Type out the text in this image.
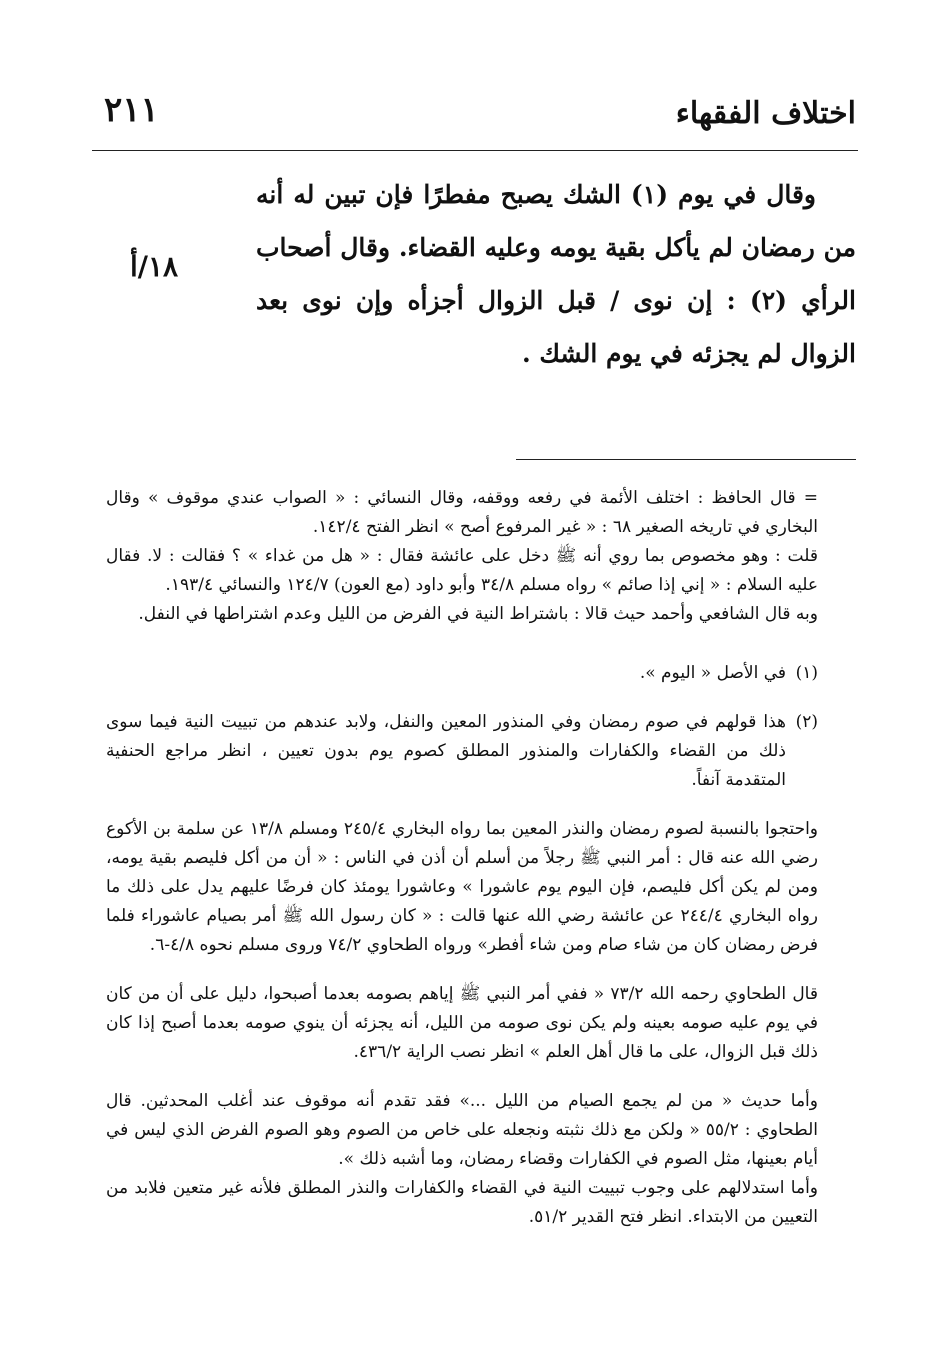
اختلاف الفقهاء
٢١١

وقال في يوم (١) الشك يصبح مفطرًا فإن تبين له أنه من رمضان لم يأكل بقية يومه وعليه القضاء. وقال أصحاب الرأي (٢) : إن نوى / قبل الزوال أجزأه وإن نوى بعد الزوال لم يجزئه في يوم الشك .

١٨/أ

= قال الحافظ : اختلف الأئمة في رفعه ووقفه، وقال النسائي : « الصواب عندي موقوف » وقال البخاري في تاريخه الصغير ٦٨ : « غير المرفوع أصح » انظر الفتح ١٤٢/٤.

قلت : وهو مخصوص بما روي أنه ﷺ دخل على عائشة فقال : « هل من غداء » ؟ فقالت : لا. فقال عليه السلام : « إني إذا صائم » رواه مسلم ٣٤/٨ وأبو داود (مع العون) ١٢٤/٧ والنسائي ١٩٣/٤.

وبه قال الشافعي وأحمد حيث قالا : باشتراط النية في الفرض من الليل وعدم اشتراطها في النفل.

(١)
في الأصل « اليوم ».
(٢)
هذا قولهم في صوم رمضان وفي المنذور المعين والنفل، ولابد عندهم من تبييت النية فيما سوى ذلك من القضاء والكفارات والمنذور المطلق كصوم يوم بدون تعيين ، انظر مراجع الحنفية المتقدمة آنفاً.

واحتجوا بالنسبة لصوم رمضان والنذر المعين بما رواه البخاري ٢٤٥/٤ ومسلم ١٣/٨ عن سلمة بن الأكوع رضي الله عنه قال : أمر النبي ﷺ رجلاً من أسلم أن أذن في الناس : « أن من أكل فليصم بقية يومه، ومن لم يكن أكل فليصم، فإن اليوم يوم عاشورا » وعاشورا يومئذ كان فرضًا عليهم يدل على ذلك ما رواه البخاري ٢٤٤/٤ عن عائشة رضي الله عنها قالت : « كان رسول الله ﷺ أمر بصيام عاشوراء فلما فرض رمضان كان من شاء صام ومن شاء أفطر» ورواه الطحاوي ٧٤/٢ وروى مسلم نحوه ٤/٨-٦.

قال الطحاوي رحمه الله ٧٣/٢ « ففي أمر النبي ﷺ إياهم بصومه بعدما أصبحوا، دليل على أن من كان في يوم عليه صومه بعينه ولم يكن نوى صومه من الليل، أنه يجزئه أن ينوي صومه بعدما أصبح إذا كان ذلك قبل الزوال، على ما قال أهل العلم » انظر نصب الراية ٤٣٦/٢.

وأما حديث « من لم يجمع الصيام من الليل ...» فقد تقدم أنه موقوف عند أغلب المحدثين. قال الطحاوي : ٥٥/٢ « ولكن مع ذلك نثبته ونجعله على خاص من الصوم وهو الصوم الفرض الذي ليس في أيام بعينها، مثل الصوم في الكفارات وقضاء رمضان، وما أشبه ذلك ».

وأما استدلالهم على وجوب تبييت النية في القضاء والكفارات والنذر المطلق فلأنه غير متعين فلابد من التعيين من الابتداء. انظر فتح القدير ٥١/٢.
